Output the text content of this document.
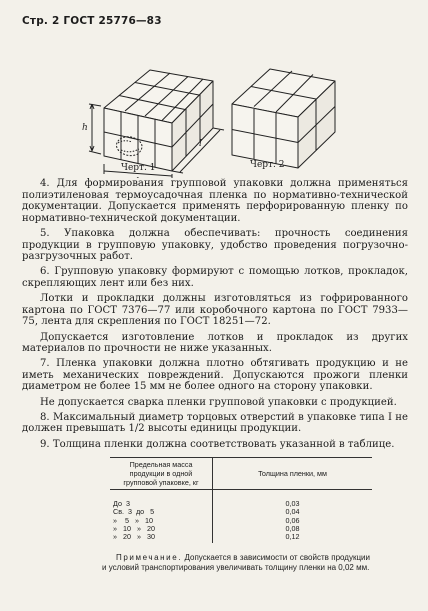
Стр. 2 ГОСТ 25776—83
h
l
Черт. 1	Черт. 2

4. Для формирования групповой упаковки должна применяться полиэтиленовая термоусадочная пленка по нормативно-технической документации. Допускается применять перфорированную пленку по нормативно-технической документации.

5. Упаковка должна обеспечивать: прочность соединения продукции в групповую упаковку, удобство проведения погрузочно-разгрузочных работ.

6. Групповую упаковку формируют с помощью лотков, прокладок, скрепляющих лент или без них.

Лотки и прокладки должны изготовляться из гофрированного картона по ГОСТ 7376—77 или коробочного картона по ГОСТ 7933—75, лента для скрепления по ГОСТ 18251—72.

Допускается изготовление лотков и прокладок из других материалов по прочности не ниже указанных.

7. Пленка упаковки должна плотно обтягивать продукцию и не иметь механических повреждений. Допускаются прожоги пленки диаметром не более 15 мм не более одного на сторону упаковки.

Не допускается сварка пленки групповой упаковки с продукцией.

8. Максимальный диаметр торцовых отверстий в упаковке типа I не должен превышать 1/2 высоты единицы продукции.

9. Толщина пленки должна соответствовать указанной в таблице.

Предельная масса продукции в одной групповой упаковке, кг	Толщина пленки, мм
До  3	0,03
Св.  3  до   5	0,04
»    5   »   10	0,06
»   10   »   20	0,08
»   20   »   30	0,12
Примечание. Допускается в зависимости от свойств продукции и условий транспортирования увеличивать толщину пленки на 0,02 мм.
